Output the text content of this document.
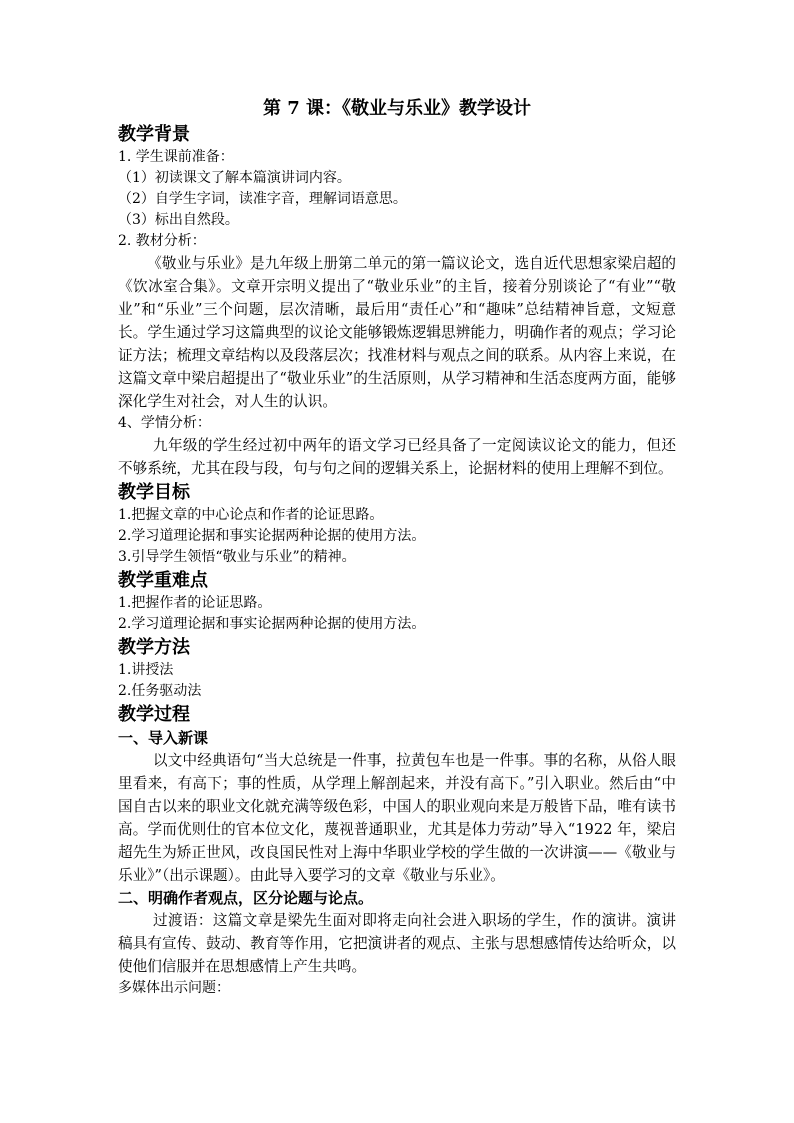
第 7 课：《敬业与乐业》教学设计

教学背景

1. 学生课前准备：

（1）初读课文了解本篇演讲词内容。

（2）自学生字词，读准字音，理解词语意思。

（3）标出自然段。

2. 教材分析：

《敬业与乐业》是九年级上册第二单元的第一篇议论文，选自近代思想家梁启超的《饮冰室合集》。文章开宗明义提出了“敬业乐业”的主旨，接着分别谈论了“有业”“敬业”和“乐业”三个问题，层次清晰，最后用“责任心”和“趣味”总结精神旨意，文短意长。学生通过学习这篇典型的议论文能够锻炼逻辑思辨能力，明确作者的观点；学习论证方法；梳理文章结构以及段落层次；找准材料与观点之间的联系。从内容上来说，在这篇文章中梁启超提出了“敬业乐业”的生活原则，从学习精神和生活态度两方面，能够深化学生对社会，对人生的认识。

4、学情分析：

九年级的学生经过初中两年的语文学习已经具备了一定阅读议论文的能力，但还不够系统，尤其在段与段，句与句之间的逻辑关系上，论据材料的使用上理解不到位。

教学目标

1.把握文章的中心论点和作者的论证思路。

2.学习道理论据和事实论据两种论据的使用方法。

3.引导学生领悟“敬业与乐业”的精神。

教学重难点

1.把握作者的论证思路。

2.学习道理论据和事实论据两种论据的使用方法。

教学方法

1.讲授法

2.任务驱动法

教学过程

一、导入新课

以文中经典语句“当大总统是一件事，拉黄包车也是一件事。事的名称，从俗人眼里看来，有高下；事的性质，从学理上解剖起来，并没有高下。”引入职业。然后由“中国自古以来的职业文化就充满等级色彩，中国人的职业观向来是万般皆下品，唯有读书高。学而优则仕的官本位文化，蔑视普通职业，尤其是体力劳动”导入“1922 年，梁启超先生为矫正世风，改良国民性对上海中华职业学校的学生做的一次讲演——《敬业与乐业》”（出示课题）。由此导入要学习的文章《敬业与乐业》。

二、明确作者观点，区分论题与论点。

过渡语：这篇文章是梁先生面对即将走向社会进入职场的学生，作的演讲。演讲稿具有宣传、鼓动、教育等作用，它把演讲者的观点、主张与思想感情传达给听众，以使他们信服并在思想感情上产生共鸣。

多媒体出示问题：
